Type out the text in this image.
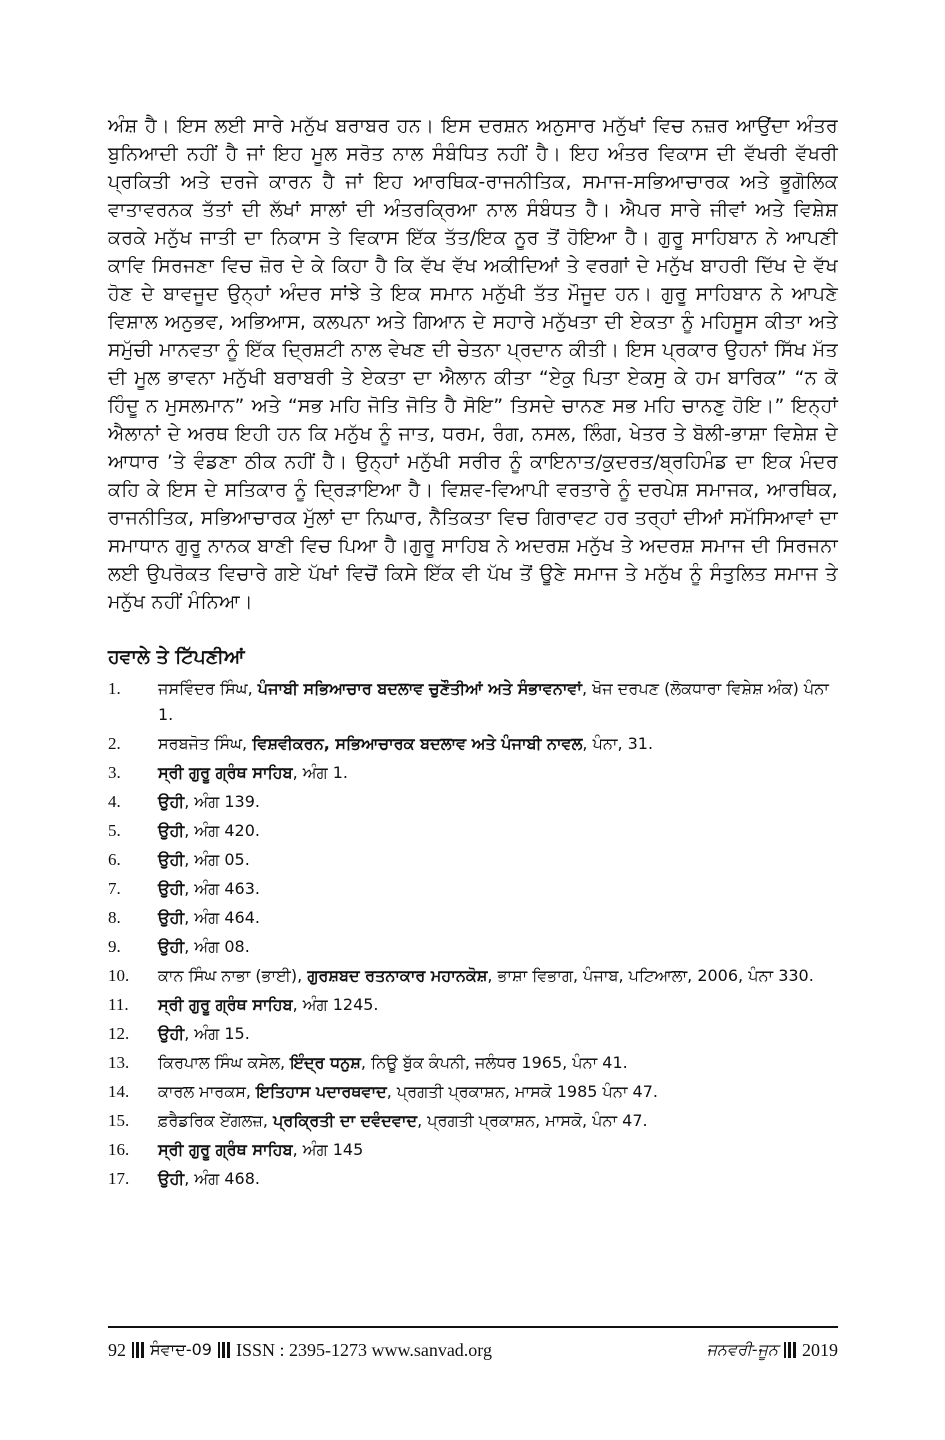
ਅੰਸ਼ ਹੈ। ਇਸ ਲਈ ਸਾਰੇ ਮਨੁੱਖ ਬਰਾਬਰ ਹਨ। ਇਸ ਦਰਸ਼ਨ ਅਨੁਸਾਰ ਮਨੁੱਖਾਂ ਵਿਚ ਨਜ਼ਰ ਆਉਂਦਾ ਅੰਤਰ ਬੁਨਿਆਦੀ ਨਹੀਂ ਹੈ ਜਾਂ ਇਹ ਮੂਲ ਸਰੋਤ ਨਾਲ ਸੰਬੰਧਿਤ ਨਹੀਂ ਹੈ। ਇਹ ਅੰਤਰ ਵਿਕਾਸ ਦੀ ਵੱਖਰੀ ਵੱਖਰੀ ਪ੍ਰਕਿਤੀ ਅਤੇ ਦਰਜੇ ਕਾਰਨ ਹੈ ਜਾਂ ਇਹ ਆਰਥਿਕ-ਰਾਜਨੀਤਿਕ, ਸਮਾਜ-ਸਭਿਆਚਾਰਕ ਅਤੇ ਭੂਗੋਲਿਕ ਵਾਤਾਵਰਨਕ ਤੱਤਾਂ ਦੀ ਲੱਖਾਂ ਸਾਲਾਂ ਦੀ ਅੰਤਰਕ੍ਰਿਆ ਨਾਲ ਸੰਬੰਧਤ ਹੈ। ਐਪਰ ਸਾਰੇ ਜੀਵਾਂ ਅਤੇ ਵਿਸ਼ੇਸ਼ ਕਰਕੇ ਮਨੁੱਖ ਜਾਤੀ ਦਾ ਨਿਕਾਸ ਤੇ ਵਿਕਾਸ ਇੱਕ ਤੱਤ/ਇਕ ਨੂਰ ਤੋਂ ਹੋਇਆ ਹੈ। ਗੁਰੂ ਸਾਹਿਬਾਨ ਨੇ ਆਪਣੀ ਕਾਵਿ ਸਿਰਜਣਾ ਵਿਚ ਜ਼ੋਰ ਦੇ ਕੇ ਕਿਹਾ ਹੈ ਕਿ ਵੱਖ ਵੱਖ ਅਕੀਦਿਆਂ ਤੇ ਵਰਗਾਂ ਦੇ ਮਨੁੱਖ ਬਾਹਰੀ ਦਿੱਖ ਦੇ ਵੱਖ ਹੋਣ ਦੇ ਬਾਵਜੂਦ ਉਨ੍ਹਾਂ ਅੰਦਰ ਸਾਂਝੇ ਤੇ ਇਕ ਸਮਾਨ ਮਨੁੱਖੀ ਤੱਤ ਮੌਜੂਦ ਹਨ। ਗੁਰੂ ਸਾਹਿਬਾਨ ਨੇ ਆਪਣੇ ਵਿਸ਼ਾਲ ਅਨੁਭਵ, ਅਭਿਆਸ, ਕਲਪਨਾ ਅਤੇ ਗਿਆਨ ਦੇ ਸਹਾਰੇ ਮਨੁੱਖਤਾ ਦੀ ਏਕਤਾ ਨੂੰ ਮਹਿਸੂਸ ਕੀਤਾ ਅਤੇ ਸਮੁੱਚੀ ਮਾਨਵਤਾ ਨੂੰ ਇੱਕ ਦ੍ਰਿਸ਼ਟੀ ਨਾਲ ਵੇਖਣ ਦੀ ਚੇਤਨਾ ਪ੍ਰਦਾਨ ਕੀਤੀ। ਇਸ ਪ੍ਰਕਾਰ ਉਹਨਾਂ ਸਿੱਖ ਮੱਤ ਦੀ ਮੂਲ ਭਾਵਨਾ ਮਨੁੱਖੀ ਬਰਾਬਰੀ ਤੇ ਏਕਤਾ ਦਾ ਐਲਾਨ ਕੀਤਾ “ਏਕੁ ਪਿਤਾ ਏਕਸੁ ਕੇ ਹਮ ਬਾਰਿਕ” “ਨ ਕੋ ਹਿੰਦੂ ਨ ਮੁਸਲਮਾਨ” ਅਤੇ “ਸਭ ਮਹਿ ਜੋਤਿ ਜੋਤਿ ਹੈ ਸੋਇ” ਤਿਸਦੇ ਚਾਨਣ ਸਭ ਮਹਿ ਚਾਨਣੁ ਹੋਇ।” ਇਨ੍ਹਾਂ ਐਲਾਨਾਂ ਦੇ ਅਰਥ ਇਹੀ ਹਨ ਕਿ ਮਨੁੱਖ ਨੂੰ ਜਾਤ, ਧਰਮ, ਰੰਗ, ਨਸਲ, ਲਿੰਗ, ਖੇਤਰ ਤੇ ਬੋਲੀ-ਭਾਸ਼ਾ ਵਿਸ਼ੇਸ਼ ਦੇ ਆਧਾਰ ’ਤੇ ਵੰਡਣਾ ਠੀਕ ਨਹੀਂ ਹੈ। ਉਨ੍ਹਾਂ ਮਨੁੱਖੀ ਸਰੀਰ ਨੂੰ ਕਾਇਨਾਤ/ਕੁਦਰਤ/ਬ੍ਰਹਿਮੰਡ ਦਾ ਇਕ ਮੰਦਰ ਕਹਿ ਕੇ ਇਸ ਦੇ ਸਤਿਕਾਰ ਨੂੰ ਦ੍ਰਿੜਾਇਆ ਹੈ। ਵਿਸ਼ਵ-ਵਿਆਪੀ ਵਰਤਾਰੇ ਨੂੰ ਦਰਪੇਸ਼ ਸਮਾਜਕ, ਆਰਥਿਕ, ਰਾਜਨੀਤਿਕ, ਸਭਿਆਚਾਰਕ ਮੁੱਲਾਂ ਦਾ ਨਿਘਾਰ, ਨੈਤਿਕਤਾ ਵਿਚ ਗਿਰਾਵਟ ਹਰ ਤਰ੍ਹਾਂ ਦੀਆਂ ਸਮੱਸਿਆਵਾਂ ਦਾ ਸਮਾਧਾਨ ਗੁਰੂ ਨਾਨਕ ਬਾਣੀ ਵਿਚ ਪਿਆ ਹੈ।ਗੁਰੂ ਸਾਹਿਬ ਨੇ ਅਦਰਸ਼ ਮਨੁੱਖ ਤੇ ਅਦਰਸ਼ ਸਮਾਜ ਦੀ ਸਿਰਜਨਾ ਲਈ ਉਪਰੋਕਤ ਵਿਚਾਰੇ ਗਏ ਪੱਖਾਂ ਵਿਚੋਂ ਕਿਸੇ ਇੱਕ ਵੀ ਪੱਖ ਤੋਂ ਊਣੇ ਸਮਾਜ ਤੇ ਮਨੁੱਖ ਨੂੰ ਸੰਤੁਲਿਤ ਸਮਾਜ ਤੇ ਮਨੁੱਖ ਨਹੀਂ ਮੰਨਿਆ।

ਹਵਾਲੇ ਤੇ ਟਿੱਪਣੀਆਂ
1.	ਜਸਵਿੰਦਰ ਸਿੰਘ, ਪੰਜਾਬੀ ਸਭਿਆਚਾਰ ਬਦਲਾਵ ਚੁਣੌਤੀਆਂ ਅਤੇ ਸੰਭਾਵਨਾਵਾਂ, ਖੋਜ ਦਰਪਣ (ਲੋਕਧਾਰਾ ਵਿਸ਼ੇਸ਼ ਅੰਕ) ਪੰਨਾ 1.
2.	ਸਰਬਜੋਤ ਸਿੰਘ, ਵਿਸ਼ਵੀਕਰਨ, ਸਭਿਆਚਾਰਕ ਬਦਲਾਵ ਅਤੇ ਪੰਜਾਬੀ ਨਾਵਲ, ਪੰਨਾ, 31.
3.	ਸ੍ਰੀ ਗੁਰੂ ਗ੍ਰੰਥ ਸਾਹਿਬ, ਅੰਗ 1.
4.	ਉਹੀ, ਅੰਗ 139.
5.	ਉਹੀ, ਅੰਗ 420.
6.	ਉਹੀ, ਅੰਗ 05.
7.	ਉਹੀ, ਅੰਗ 463.
8.	ਉਹੀ, ਅੰਗ 464.
9.	ਉਹੀ, ਅੰਗ 08.
10.	ਕਾਨ ਸਿੰਘ ਨਾਭਾ (ਭਾਈ), ਗੁਰਸ਼ਬਦ ਰਤਨਾਕਾਰ ਮਹਾਨਕੋਸ਼, ਭਾਸ਼ਾ ਵਿਭਾਗ, ਪੰਜਾਬ, ਪਟਿਆਲਾ, 2006, ਪੰਨਾ 330.
11.	ਸ੍ਰੀ ਗੁਰੂ ਗ੍ਰੰਥ ਸਾਹਿਬ, ਅੰਗ 1245.
12.	ਉਹੀ, ਅੰਗ 15.
13.	ਕਿਰਪਾਲ ਸਿੰਘ ਕਸੇਲ, ਇੰਦ੍ਰ ਧਨੁਸ਼, ਨਿਊ ਬੁੱਕ ਕੰਪਨੀ, ਜਲੰਧਰ 1965, ਪੰਨਾ 41.
14.	ਕਾਰਲ ਮਾਰਕਸ, ਇਤਿਹਾਸ ਪਦਾਰਥਵਾਦ, ਪ੍ਰਗਤੀ ਪ੍ਰਕਾਸ਼ਨ, ਮਾਸਕੋ 1985 ਪੰਨਾ 47.
15.	ਫ਼ਰੈਡਰਿਕ ਏਂਗਲਜ਼, ਪ੍ਰਕ੍ਰਿਤੀ ਦਾ ਦਵੰਦਵਾਦ, ਪ੍ਰਗਤੀ ਪ੍ਰਕਾਸ਼ਨ, ਮਾਸਕੋ, ਪੰਨਾ 47.
16.	ਸ੍ਰੀ ਗੁਰੂ ਗ੍ਰੰਥ ਸਾਹਿਬ, ਅੰਗ 145
17.	ਉਹੀ, ਅੰਗ 468.
92 ਸੰਵਾਦ-09 ISSN : 2395-1273 www.sanvad.org	ਜਨਵਰੀ-ਜੂਨ 2019
